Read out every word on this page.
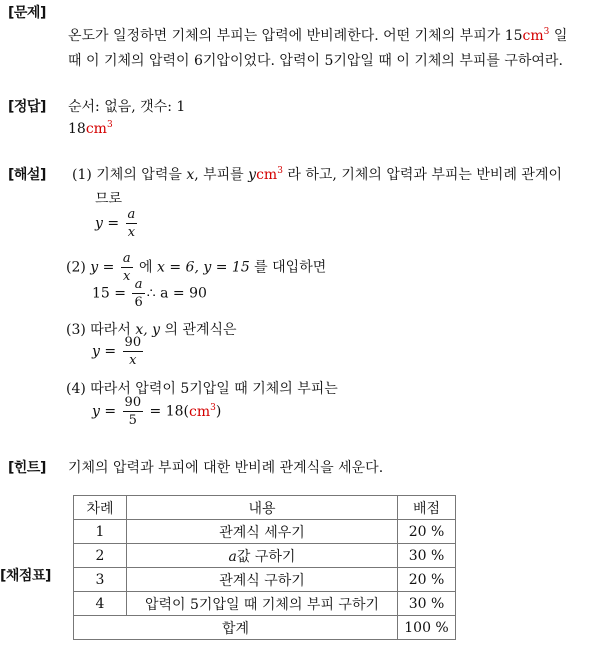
[문제]
[정답]
[해설]
[힌트]
[채점표]
온도가 일정하면 기체의 부피는 압력에 반비례한다. 어떤 기체의 부피가 $15cm^3$ 일
때 이 기체의 압력이 6기압이었다. 압력이 5기압일 때 이 기체의 부피를 구하여라.
순서: 없음, 갯수: 1
$18cm^3$
(1) 기체의 압력을 x, 부피를 ycm$^3$ 라 하고, 기체의 압력과 부피는 반비례 관계이
므로
$y = \frac{a}{x}$
(2) $y = \frac{a}{x}$ 에 x = 6, y = 15 를 대입하면
$15 = \frac{a}{6}$ ∴ a = 90
(3) 따라서 x, y 의 관계식은
$y = \frac{90}{x}$
(4) 따라서 압력이 5기압일 때 기체의 부피는
$y = \frac{90}{5} = 18(cm^3)$
기체의 압력과 부피에 대한 반비례 관계식을 세운다.
차례	내용	배점
1	관계식 세우기	20 %
2	a값 구하기	30 %
3	관계식 구하기	20 %
4	압력이 5기압일 때 기체의 부피 구하기	30 %
합계		100 %
